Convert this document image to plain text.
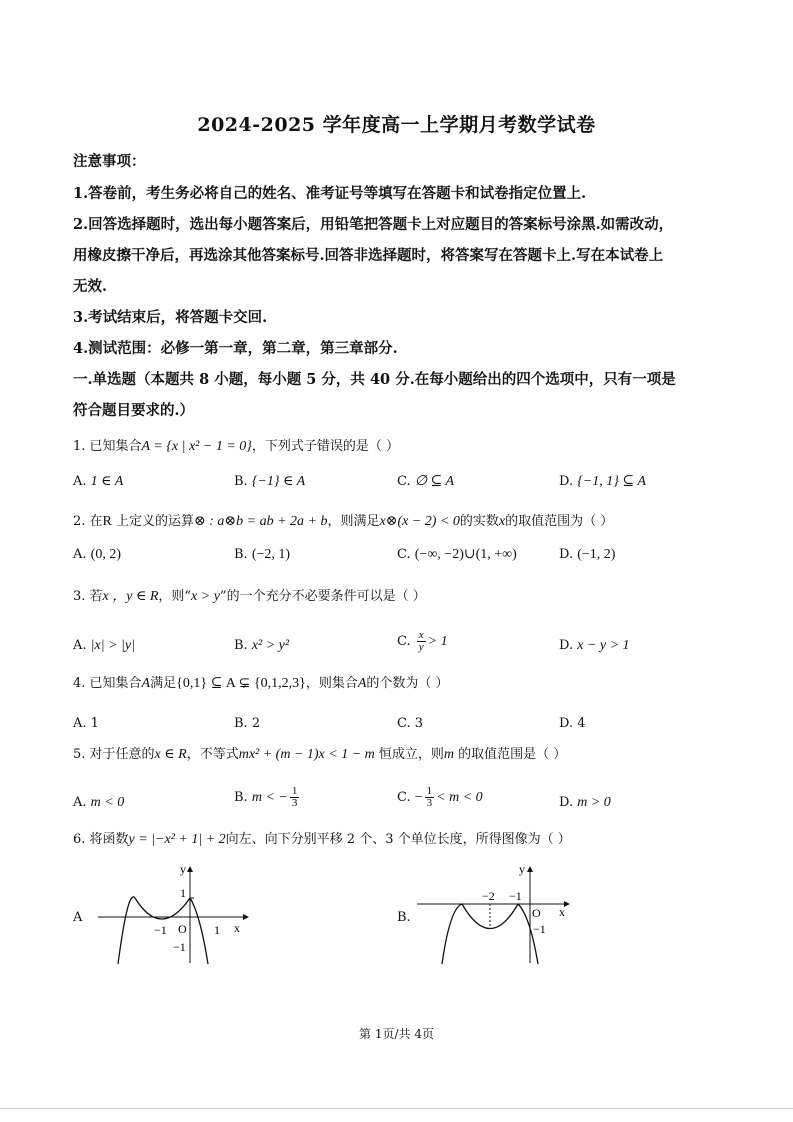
2024-2025 学年度高一上学期月考数学试卷
注意事项：
1.答卷前，考生务必将自己的姓名、准考证号等填写在答题卡和试卷指定位置上.
2.回答选择题时，选出每小题答案后，用铅笔把答题卡上对应题目的答案标号涂黑.如需改动，
用橡皮擦干净后，再选涂其他答案标号.回答非选择题时，将答案写在答题卡上.写在本试卷上
无效.
3.考试结束后，将答题卡交回.
4.测试范围：必修一第一章，第二章，第三章部分.
一.单选题（本题共 8 小题，每小题 5 分，共 40 分.在每小题给出的四个选项中，只有一项是
符合题目要求的.）
1. 已知集合A = {x | x² − 1 = 0}，下列式子错误的是（ ）
A. 1 ∈ A	B. {−1} ∈ A	C. ∅ ⊆ A	D. {−1, 1} ⊆ A
2. 在R 上定义的运算⊗ : a⊗b = ab + 2a + b，则满足x⊗(x − 2) < 0的实数x的取值范围为（ ）
A. (0, 2)	B. (−2, 1)	C. (−∞, −2)∪(1, +∞)	D. (−1, 2)
3. 若x ，y ∈ R，则“x > y”的一个充分不必要条件可以是（ ）
A. |x| > |y|	B. x² > y²	C. $\frac{x}{y} > 1$	D. x − y > 1
4. 已知集合A满足{0,1} ⊆ A ⊊ {0,1,2,3}，则集合A的个数为（ ）
A. 1	B. 2	C. 3	D. 4
5. 对于任意的x ∈ R，不等式mx² + (m − 1)x < 1 − m 恒成立，则m 的取值范围是（ ）
A. m < 0	B. m < − $\frac{1}{3}$	C. − $\frac{1}{3} < m < 0$	D. m > 0
6. 将函数y = |−x² + 1| + 2向左、向下分别平移 2 个、3 个单位长度，所得图像为（ ）
A
y
x
1
−1 O 1
−1
B.
y
x
−2 −1
O
−1
第 1页/共 4页
